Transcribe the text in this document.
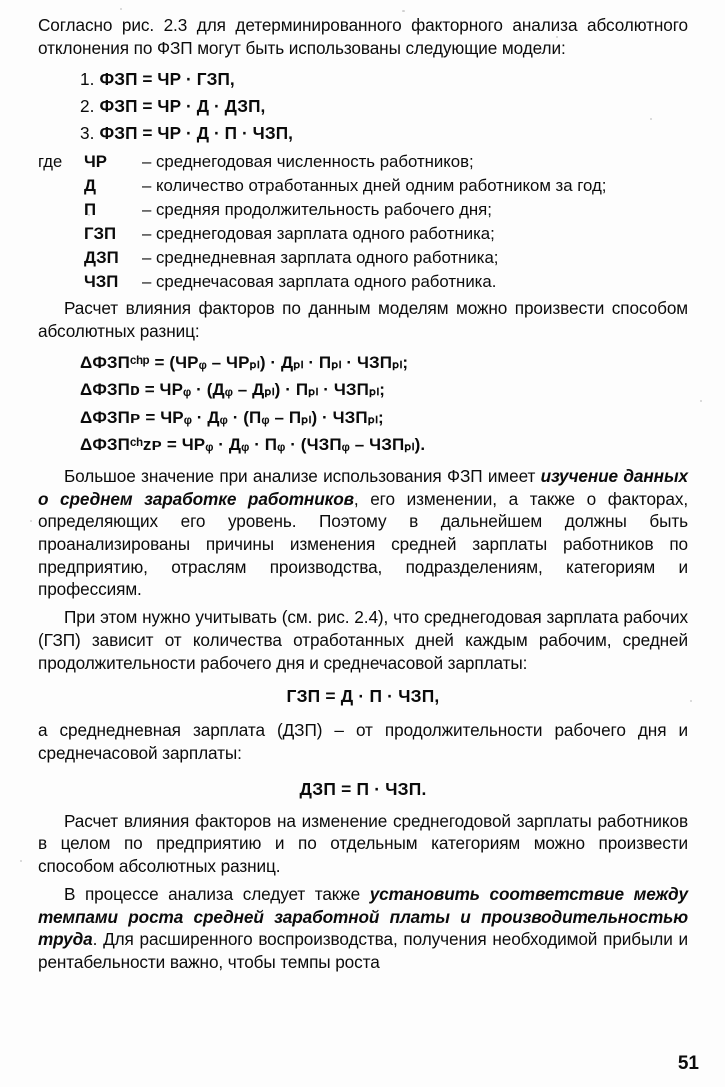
Согласно рис. 2.3 для детерминированного факторного анализа абсолютного отклонения по ФЗП могут быть использованы следующие модели:

1. ФЗП = ЧР · ГЗП,
2. ФЗП = ЧР · Д · ДЗП,
3. ФЗП = ЧР · Д · П · ЧЗП,
где ЧР	– среднегодовая численность работников;
Д	– количество отработанных дней одним работником за год;
П	– средняя продолжительность рабочего дня;
ГЗП	– среднегодовая зарплата одного работника;
ДЗП	– среднедневная зарплата одного работника;
ЧЗП	– среднечасовая зарплата одного работника.

Расчет влияния факторов по данным моделям можно произвести способом абсолютных разниц:

ΔФЗПᶜʰᵖ = (ЧРᵩ – ЧРₚₗ) · Дₚₗ · Пₚₗ · ЧЗПₚₗ;
ΔФЗПᴅ = ЧРᵩ · (Дᵩ – Дₚₗ) · Пₚₗ · ЧЗПₚₗ;
ΔФЗПᴘ = ЧРᵩ · Дᵩ · (Пᵩ – Пₚₗ) · ЧЗПₚₗ;
ΔФЗПᶜʰᴢᴘ = ЧРᵩ · Дᵩ · Пᵩ · (ЧЗПᵩ – ЧЗПₚₗ).

Большое значение при анализе использования ФЗП имеет изучение данных о среднем заработке работников, его изменении, а также о факторах, определяющих его уровень. Поэтому в дальнейшем должны быть проанализированы причины изменения средней зарплаты работников по предприятию, отраслям производства, подразделениям, категориям и профессиям.

При этом нужно учитывать (см. рис. 2.4), что среднегодовая зарплата рабочих (ГЗП) зависит от количества отработанных дней каждым рабочим, средней продолжительности рабочего дня и среднечасовой зарплаты:

ГЗП = Д · П · ЧЗП,

а среднедневная зарплата (ДЗП) – от продолжительности рабочего дня и среднечасовой зарплаты:

ДЗП = П · ЧЗП.

Расчет влияния факторов на изменение среднегодовой зарплаты работников в целом по предприятию и по отдельным категориям можно произвести способом абсолютных разниц.

В процессе анализа следует также установить соответствие между темпами роста средней заработной платы и производительностью труда. Для расширенного воспроизводства, получения необходимой прибыли и рентабельности важно, чтобы темпы роста

51
